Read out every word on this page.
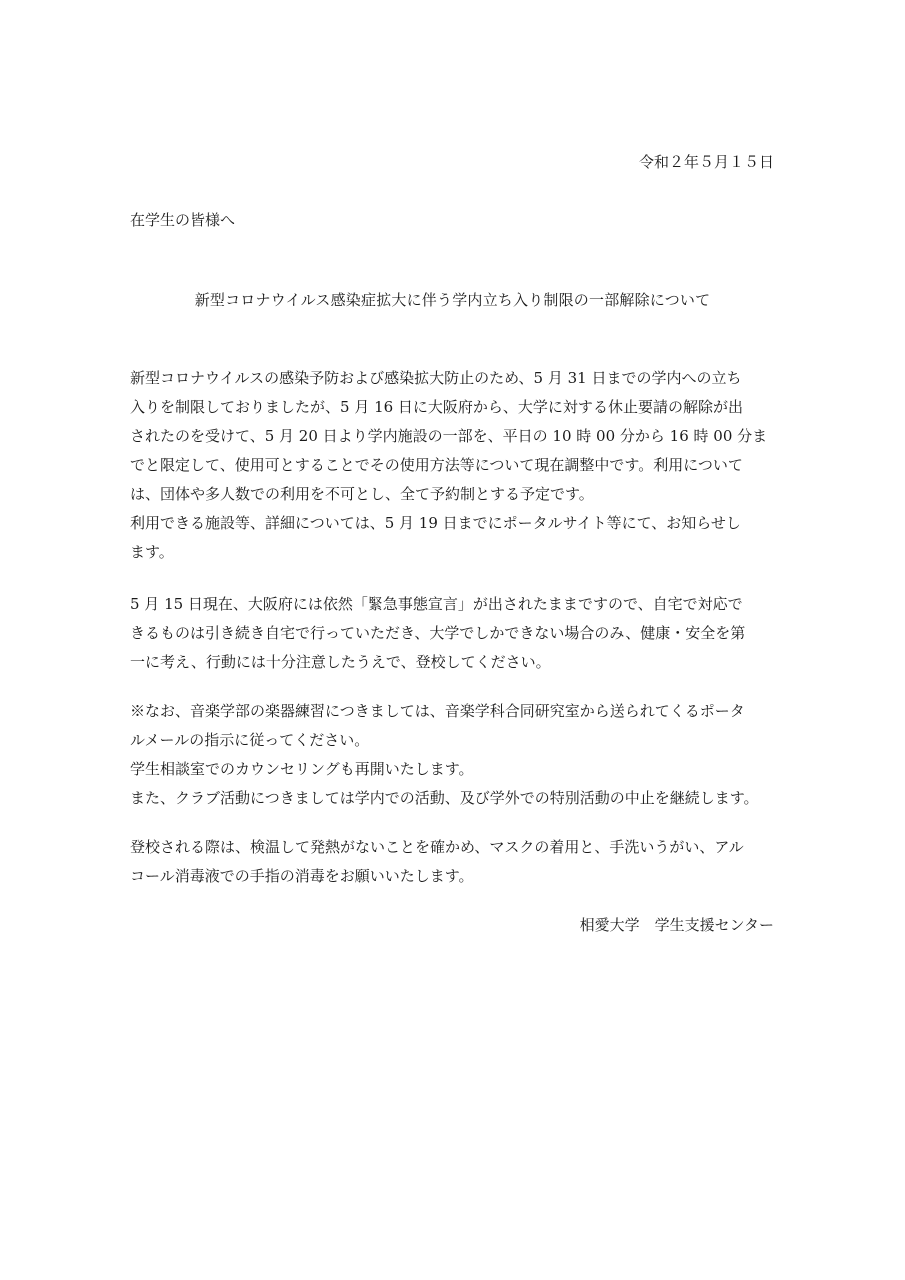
令和２年５月１５日
在学生の皆様へ
新型コロナウイルス感染症拡大に伴う学内立ち入り制限の一部解除について
新型コロナウイルスの感染予防および感染拡大防止のため、5 月 31 日までの学内への立ち
入りを制限しておりましたが、5 月 16 日に大阪府から、大学に対する休止要請の解除が出
されたのを受けて、5 月 20 日より学内施設の一部を、平日の 10 時 00 分から 16 時 00 分ま
でと限定して、使用可とすることでその使用方法等について現在調整中です。利用について
は、団体や多人数での利用を不可とし、全て予約制とする予定です。
利用できる施設等、詳細については、5 月 19 日までにポータルサイト等にて、お知らせし
ます。
5 月 15 日現在、大阪府には依然「緊急事態宣言」が出されたままですので、自宅で対応で
きるものは引き続き自宅で行っていただき、大学でしかできない場合のみ、健康・安全を第
一に考え、行動には十分注意したうえで、登校してください。
※なお、音楽学部の楽器練習につきましては、音楽学科合同研究室から送られてくるポータ
ルメールの指示に従ってください。
学生相談室でのカウンセリングも再開いたします。
また、クラブ活動につきましては学内での活動、及び学外での特別活動の中止を継続します。
登校される際は、検温して発熱がないことを確かめ、マスクの着用と、手洗いうがい、アル
コール消毒液での手指の消毒をお願いいたします。
相愛大学　学生支援センター
